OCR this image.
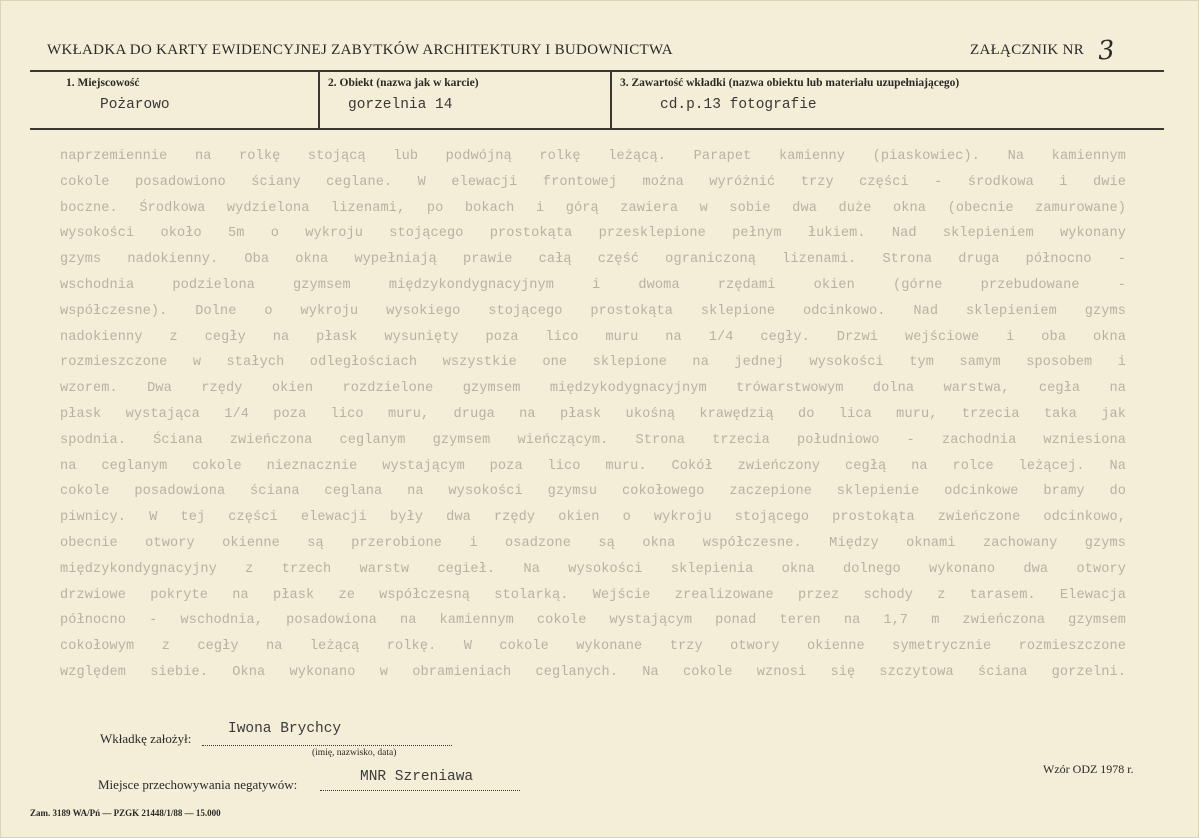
WKŁADKA DO KARTY EWIDENCYJNEJ ZABYTKÓW ARCHITEKTURY I BUDOWNICTWA	ZAŁĄCZNIK NR 3
1. Miejscowość
Pożarowo
2. Obiekt (nazwa jak w karcie)
gorzelnia 14
3. Zawartość wkładki (nazwa obiektu lub materiału uzupełniającego)
cd.p.13 fotografie
naprzemiennie na rolkę stojącą lub podwójną rolkę leżącą. Parapet kamienny (piaskowiec). Na kamiennym
cokole posadowiono ściany ceglane. W elewacji frontowej można wyróżnić trzy części - środkowa i dwie
boczne. Środkowa wydzielona lizenami, po bokach i górą zawiera w sobie dwa duże okna (obecnie zamurowane)
wysokości około 5m o wykroju stojącego prostokąta przesklepione pełnym łukiem. Nad sklepieniem wykonany
gzyms nadokienny. Oba okna wypełniają prawie całą część ograniczoną lizenami. Strona druga północno -
wschodnia podzielona gzymsem międzykondygnacyjnym i dwoma rzędami okien (górne przebudowane -
współczesne). Dolne o wykroju wysokiego stojącego prostokąta sklepione odcinkowo. Nad sklepieniem gzyms
nadokienny z cegły na płask wysunięty poza lico muru na 1/4 cegły. Drzwi wejściowe i oba okna
rozmieszczone w stałych odległościach wszystkie one sklepione na jednej wysokości tym samym sposobem i
wzorem. Dwa rzędy okien rozdzielone gzymsem międzykodygnacyjnym trówarstwowym dolna warstwa, cegła na
płask wystająca 1/4 poza lico muru, druga na płask ukośną krawędzią do lica muru, trzecia taka jak
spodnia. Ściana zwieńczona ceglanym gzymsem wieńczącym. Strona trzecia południowo - zachodnia wzniesiona
na ceglanym cokole nieznacznie wystającym poza lico muru. Cokół zwieńczony cegłą na rolce leżącej. Na
cokole posadowiona ściana ceglana na wysokości gzymsu cokołowego zaczepione sklepienie odcinkowe bramy do
piwnicy. W tej części elewacji były dwa rzędy okien o wykroju stojącego prostokąta zwieńczone odcinkowo,
obecnie otwory okienne są przerobione i osadzone są okna współczesne. Między oknami zachowany gzyms
międzykondygnacyjny z trzech warstw cegieł. Na wysokości sklepienia okna dolnego wykonano dwa otwory
drzwiowe pokryte na płask ze współczesną stolarką. Wejście zrealizowane przez schody z tarasem. Elewacja
północno - wschodnia, posadowiona na kamiennym cokole wystającym ponad teren na 1,7 m zwieńczona gzymsem
cokołowym z cegły na leżącą rolkę. W cokole wykonane trzy otwory okienne symetrycznie rozmieszczone
względem siebie. Okna wykonano w obramieniach ceglanych. Na cokole wznosi się szczytowa ściana gorzelni.
Wkładkę założył:
Iwona Brychcy
(imię, nazwisko, data)
Miejsce przechowywania negatywów:	MNR Szreniawa	Wzór ODZ 1978 r.
Zam. 3189 WA/Pń — PZGK 21448/1/88 — 15.000
